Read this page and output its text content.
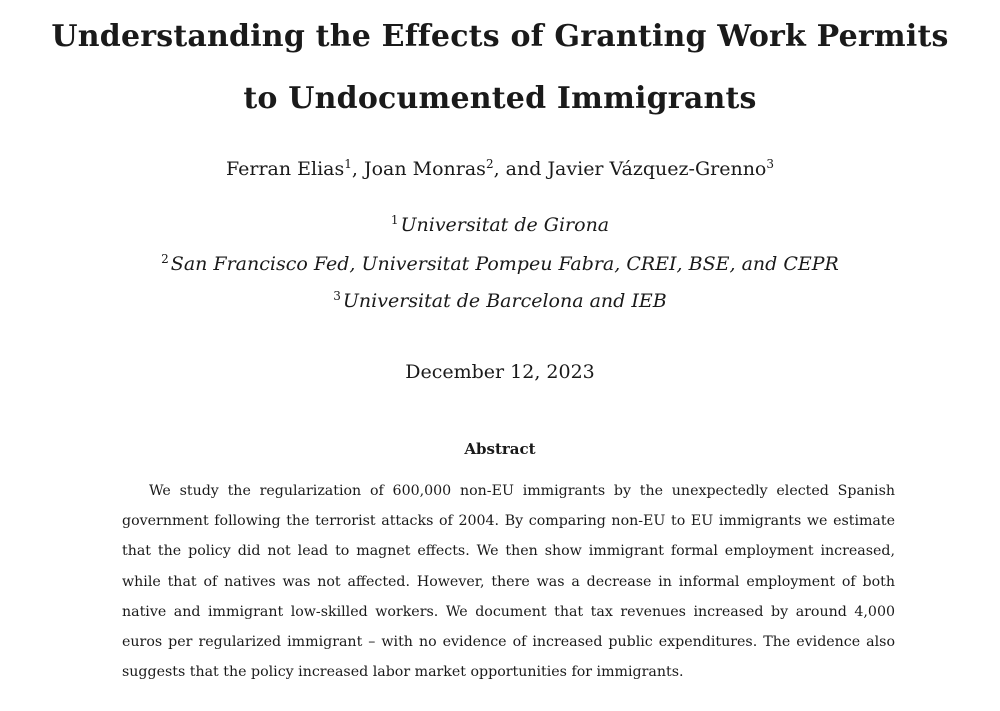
Understanding the Effects of Granting Work Permits
to Undocumented Immigrants
Ferran Elias$^1$, Joan Monras$^2$, and Javier Vázquez-Grenno$^3$
$^1$ Universitat de Girona
$^2$ San Francisco Fed, Universitat Pompeu Fabra, CREI, BSE, and CEPR
$^3$ Universitat de Barcelona and IEB
December 12, 2023
Abstract

We study the regularization of 600,000 non-EU immigrants by the unexpectedly elected Spanish government following the terrorist attacks of 2004. By comparing non-EU to EU immigrants we estimate that the policy did not lead to magnet effects. We then show immigrant formal employment increased, while that of natives was not affected. However, there was a decrease in informal employment of both native and immigrant low-skilled workers. We document that tax revenues increased by around 4,000 euros per regularized immigrant – with no evidence of increased public expenditures. The evidence also suggests that the policy increased labor market opportunities for immigrants.
